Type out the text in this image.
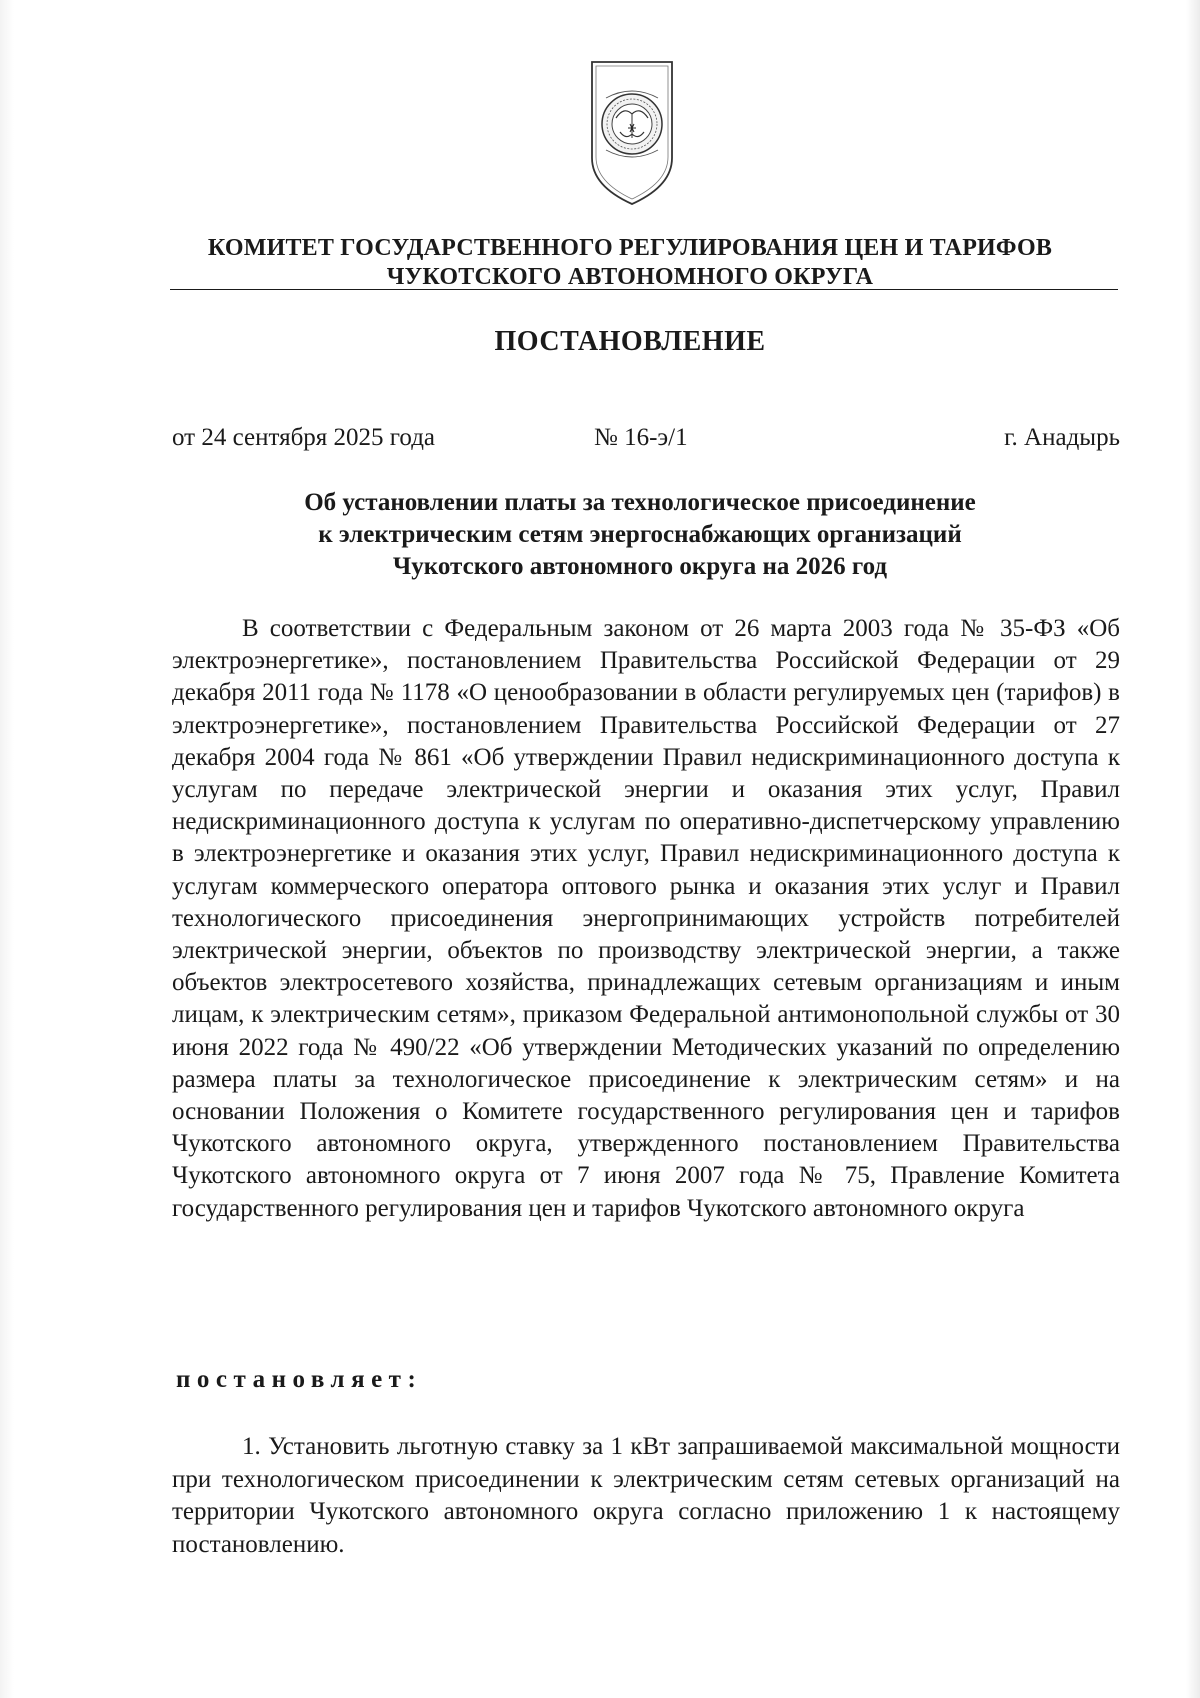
КОМИТЕТ ГОСУДАРСТВЕННОГО РЕГУЛИРОВАНИЯ ЦЕН И ТАРИФОВ
ЧУКОТСКОГО АВТОНОМНОГО ОКРУГА
ПОСТАНОВЛЕНИЕ
от 24 сентября 2025 года	№ 16-э/1	г. Анадырь
Об установлении платы за технологическое присоединение
к электрическим сетям энергоснабжающих организаций
Чукотского автономного округа на 2026 год
В соответствии с Федеральным законом от 26 марта 2003 года № 35-ФЗ «Об электроэнергетике», постановлением Правительства Российской Федерации от 29 декабря 2011 года № 1178 «О ценообразовании в области регулируемых цен (тарифов) в электроэнергетике», постановлением Правительства Российской Федерации от 27 декабря 2004 года № 861 «Об утверждении Правил недискриминационного доступа к услугам по передаче электрической энергии и оказания этих услуг, Правил недискриминационного доступа к услугам по оперативно-диспетчерскому управлению в электроэнергетике и оказания этих услуг, Правил недискриминационного доступа к услугам коммерческого оператора оптового рынка и оказания этих услуг и Правил технологического присоединения энергопринимающих устройств потребителей электрической энергии, объектов по производству электрической энергии, а также объектов электросетевого хозяйства, принадлежащих сетевым организациям и иным лицам, к электрическим сетям», приказом Федеральной антимонопольной службы от 30 июня 2022 года № 490/22 «Об утверждении Методических указаний по определению размера платы за технологическое присоединение к электрическим сетям» и на основании Положения о Комитете государственного регулирования цен и тарифов Чукотского автономного округа, утвержденного постановлением Правительства Чукотского автономного округа от 7 июня 2007 года № 75, Правление Комитета государственного регулирования цен и тарифов Чукотского автономного округа
постановляет:
1. Установить льготную ставку за 1 кВт запрашиваемой максимальной мощности при технологическом присоединении к электрическим сетям сетевых организаций на территории Чукотского автономного округа согласно приложению 1 к настоящему постановлению.
